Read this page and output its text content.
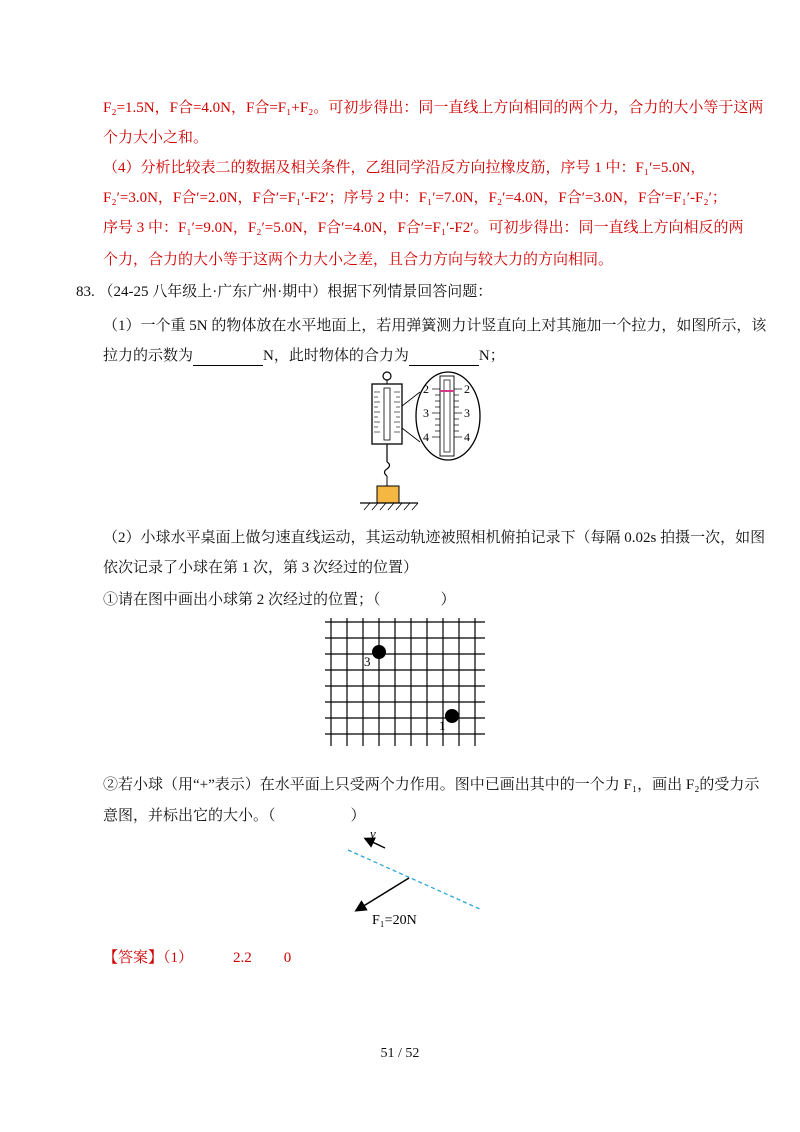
F₂=1.5N，F合=4.0N，F合=F₁+F₂。可初步得出：同一直线上方向相同的两个力，合力的大小等于这两
个力大小之和。
（4）分析比较表二的数据及相关条件，乙组同学沿反方向拉橡皮筋，序号 1 中：F₁′=5.0N，
F₂′=3.0N，F合′=2.0N，F合′=F₁′-F2′；序号 2 中：F₁′=7.0N，F₂′=4.0N，F合′=3.0N，F合′=F₁′-F₂′；
序号 3 中：F₁′=9.0N，F₂′=5.0N，F合′=4.0N，F合′=F₁′-F2′。可初步得出：同一直线上方向相反的两
个力，合力的大小等于这两个力大小之差，且合力方向与较大力的方向相同。
83. （24-25 八年级上·广东广州·期中）根据下列情景回答问题：
（1）一个重 5N 的物体放在水平地面上，若用弹簧测力计竖直向上对其施加一个拉力，如图所示，该
拉力的示数为	N，此时物体的合力为	N；
2
3
4
2
3
4
（2）小球水平桌面上做匀速直线运动，其运动轨迹被照相机俯拍记录下（每隔 0.02s 拍摄一次，如图
依次记录了小球在第 1 次，第 3 次经过的位置）
①请在图中画出小球第 2 次经过的位置；（　　　　）
3
1
②若小球（用“+”表示）在水平面上只受两个力作用。图中已画出其中的一个力 F₁，画出 F₂的受力示
意图，并标出它的大小。（　　　　　）
v
F₁=20N
【答案】（1）	2.2 0
51 / 52
